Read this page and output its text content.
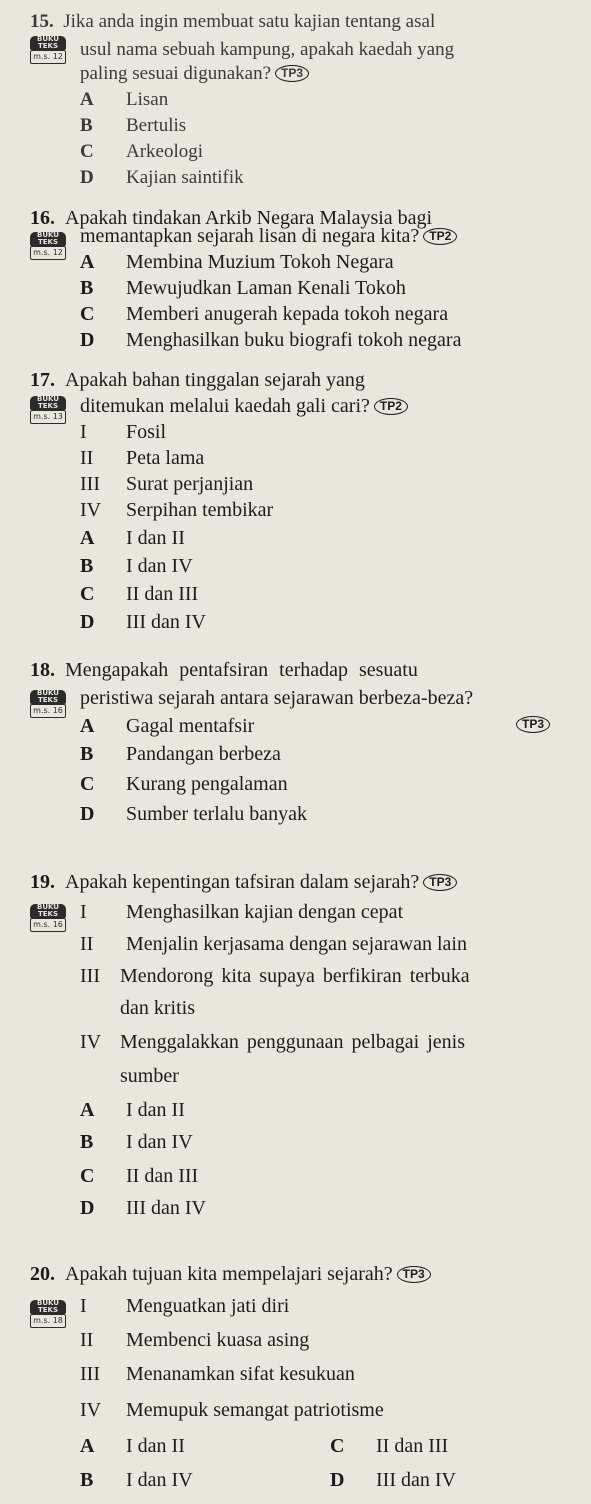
15. Jika anda ingin membuat satu kajian tentang asal
BUKU TEKS
m.s. 12 usul nama sebuah kampung, apakah kaedah yang
paling sesuai digunakan? TP3
A Lisan
B Bertulis
C Arkeologi
D Kajian saintifik
16. Apakah tindakan Arkib Negara Malaysia bagi
BUKU TEKS
m.s. 12
memantapkan sejarah lisan di negara kita? TP2
A Membina Muzium Tokoh Negara
B Mewujudkan Laman Kenali Tokoh
C Memberi anugerah kepada tokoh negara
D Menghasilkan buku biografi tokoh negara
17. Apakah bahan tinggalan sejarah yang
BUKU TEKS
m.s. 13 ditemukan melalui kaedah gali cari? TP2
I Fosil
II Peta lama
III Surat perjanjian
IV Serpihan tembikar
A I dan II
B I dan IV
C II dan III
D III dan IV
18. Mengapakah pentafsiran terhadap sesuatu
BUKU TEKS
m.s. 16
peristiwa sejarah antara sejarawan berbeza-beza?
A Gagal mentafsir	TP3
B Pandangan berbeza
C Kurang pengalaman
D Sumber terlalu banyak
19. Apakah kepentingan tafsiran dalam sejarah? TP3
BUKU TEKS
m.s. 16
I Menghasilkan kajian dengan cepat
II Menjalin kerjasama dengan sejarawan lain
III Mendorong kita supaya berfikiran terbuka
dan kritis
IV Menggalakkan penggunaan pelbagai jenis
sumber
A I dan II
B I dan IV
C II dan III
D III dan IV
20. Apakah tujuan kita mempelajari sejarah? TP3
BUKU TEKS
m.s. 18
I Menguatkan jati diri
II Membenci kuasa asing
III Menanamkan sifat kesukuan
IV Memupuk semangat patriotisme
A I dan II	C II dan III
B I dan IV	D III dan IV
